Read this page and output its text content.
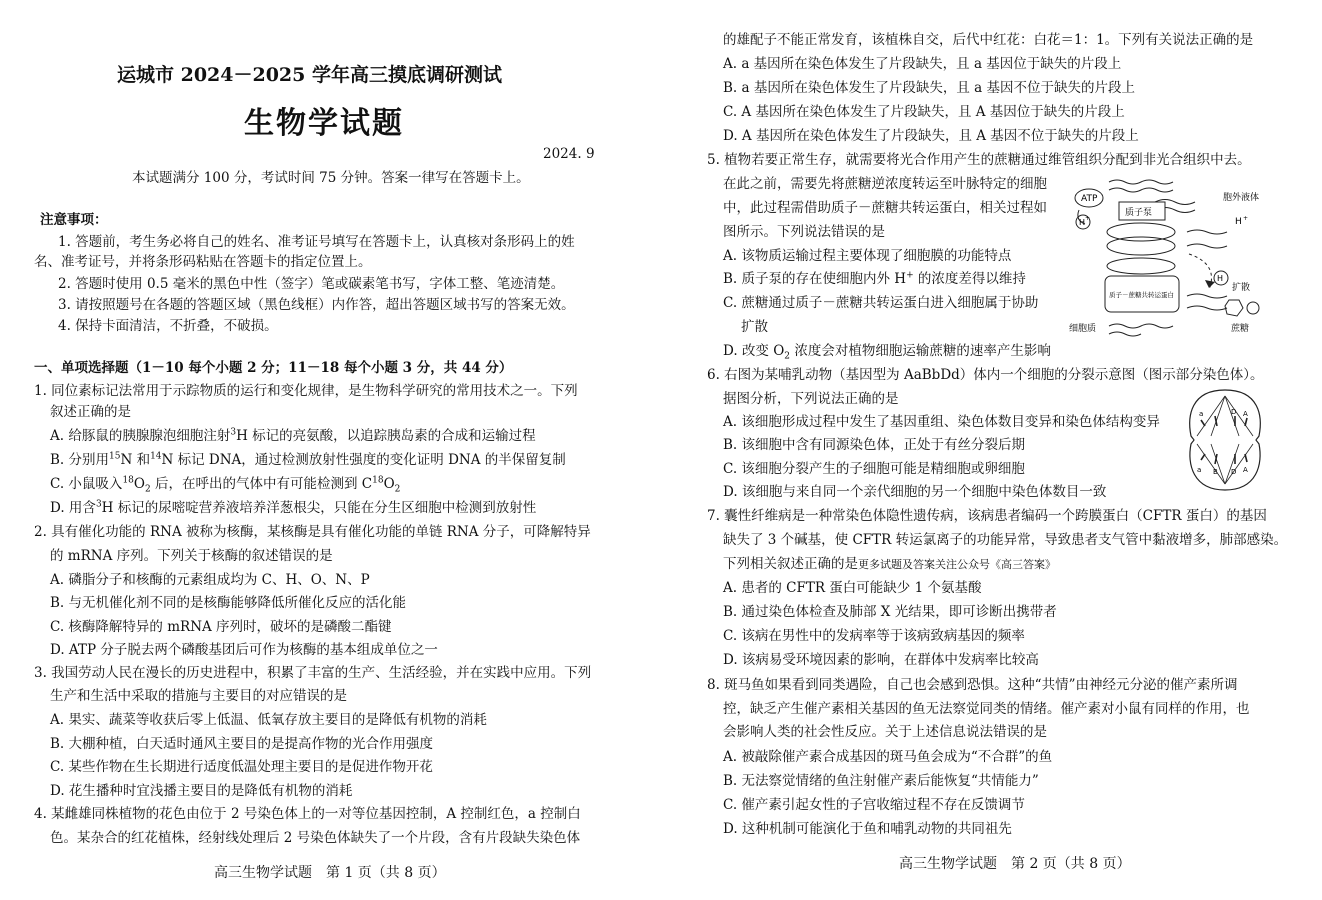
运城市 2024－2025 学年高三摸底调研测试
生物学试题
2024. 9
本试题满分 100 分，考试时间 75 分钟。答案一律写在答题卡上。
注意事项：
1. 答题前，考生务必将自己的姓名、准考证号填写在答题卡上，认真核对条形码上的姓
名、准考证号，并将条形码粘贴在答题卡的指定位置上。
2. 答题时使用 0.5 毫米的黑色中性（签字）笔或碳素笔书写，字体工整、笔迹清楚。
3. 请按照题号在各题的答题区域（黑色线框）内作答，超出答题区域书写的答案无效。
4. 保持卡面清洁，不折叠，不破损。
一、单项选择题（1－10 每个小题 2 分；11－18 每个小题 3 分，共 44 分）
1. 同位素标记法常用于示踪物质的运行和变化规律，是生物科学研究的常用技术之一。下列
叙述正确的是
A. 给豚鼠的胰腺腺泡细胞注射$^3$H 标记的亮氨酸，以追踪胰岛素的合成和运输过程
B. 分别用$^{15}$N 和$^{14}$N 标记 DNA，通过检测放射性强度的变化证明 DNA 的半保留复制
C. 小鼠吸入$^{18}O_2$ 后，在呼出的气体中有可能检测到 $C^{18}O_2$
D. 用含$^3$H 标记的尿嘧啶营养液培养洋葱根尖，只能在分生区细胞中检测到放射性
2. 具有催化功能的 RNA 被称为核酶，某核酶是具有催化功能的单链 RNA 分子，可降解特异
的 mRNA 序列。下列关于核酶的叙述错误的是
A. 磷脂分子和核酶的元素组成均为 C、H、O、N、P
B. 与无机催化剂不同的是核酶能够降低所催化反应的活化能
C. 核酶降解特异的 mRNA 序列时，破坏的是磷酸二酯键
D. ATP 分子脱去两个磷酸基团后可作为核酶的基本组成单位之一
3. 我国劳动人民在漫长的历史进程中，积累了丰富的生产、生活经验，并在实践中应用。下列
生产和生活中采取的措施与主要目的对应错误的是
A. 果实、蔬菜等收获后零上低温、低氧存放主要目的是降低有机物的消耗
B. 大棚种植，白天适时通风主要目的是提高作物的光合作用强度
C. 某些作物在生长期进行适度低温处理主要目的是促进作物开花
D. 花生播种时宜浅播主要目的是降低有机物的消耗
4. 某雌雄同株植物的花色由位于 2 号染色体上的一对等位基因控制，A 控制红色，a 控制白
色。某杂合的红花植株，经射线处理后 2 号染色体缺失了一个片段，含有片段缺失染色体
高三生物学试题　第 1 页（共 8 页）
的雄配子不能正常发育，该植株自交，后代中红花：白花＝1：1。下列有关说法正确的是
A. a 基因所在染色体发生了片段缺失，且 a 基因位于缺失的片段上
B. a 基因所在染色体发生了片段缺失，且 a 基因不位于缺失的片段上
C. A 基因所在染色体发生了片段缺失，且 A 基因位于缺失的片段上
D. A 基因所在染色体发生了片段缺失，且 A 基因不位于缺失的片段上
5. 植物若要正常生存，就需要将光合作用产生的蔗糖通过维管组织分配到非光合组织中去。
在此之前，需要先将蔗糖逆浓度转运至叶脉特定的细胞
中，此过程需借助质子－蔗糖共转运蛋白，相关过程如
图所示。下列说法错误的是
A. 该物质运输过程主要体现了细胞膜的功能特点
B. 质子泵的存在使细胞内外 H+ 的浓度差得以维持
C. 蔗糖通过质子－蔗糖共转运蛋白进入细胞属于协助
扩散
D. 改变 $O_2$ 浓度会对植物细胞运输蔗糖的速率产生影响
ATP
H +
质子泵
胞外液体
H +
质子－蔗糖共转运蛋白
H
扩散
蔗糖
细胞质
6. 右图为某哺乳动物（基因型为 AaBbDd）体内一个细胞的分裂示意图（图示部分染色体）。
据图分析，下列说法正确的是
A. 该细胞形成过程中发生了基因重组、染色体数目变异和染色体结构变异
B. 该细胞中含有同源染色体，正处于有丝分裂后期
C. 该细胞分裂产生的子细胞可能是精细胞或卵细胞
D. 该细胞与来自同一个亲代细胞的另一个细胞中染色体数目一致
a	D A
a B D A
7. 囊性纤维病是一种常染色体隐性遗传病，该病患者编码一个跨膜蛋白（CFTR 蛋白）的基因
缺失了 3 个碱基，使 CFTR 转运氯离子的功能异常，导致患者支气管中黏液增多，肺部感染。
下列相关叙述正确的是更多试题及答案关注公众号《高三答案》
A. 患者的 CFTR 蛋白可能缺少 1 个氨基酸
B. 通过染色体检查及肺部 X 光结果，即可诊断出携带者
C. 该病在男性中的发病率等于该病致病基因的频率
D. 该病易受环境因素的影响，在群体中发病率比较高
8. 斑马鱼如果看到同类遇险，自己也会感到恐惧。这种“共情”由神经元分泌的催产素所调
控，缺乏产生催产素相关基因的鱼无法察觉同类的情绪。催产素对小鼠有同样的作用，也
会影响人类的社会性反应。关于上述信息说法错误的是
A. 被敲除催产素合成基因的斑马鱼会成为“不合群”的鱼
B. 无法察觉情绪的鱼注射催产素后能恢复“共情能力”
C. 催产素引起女性的子宫收缩过程不存在反馈调节
D. 这种机制可能演化于鱼和哺乳动物的共同祖先
高三生物学试题　第 2 页（共 8 页）
